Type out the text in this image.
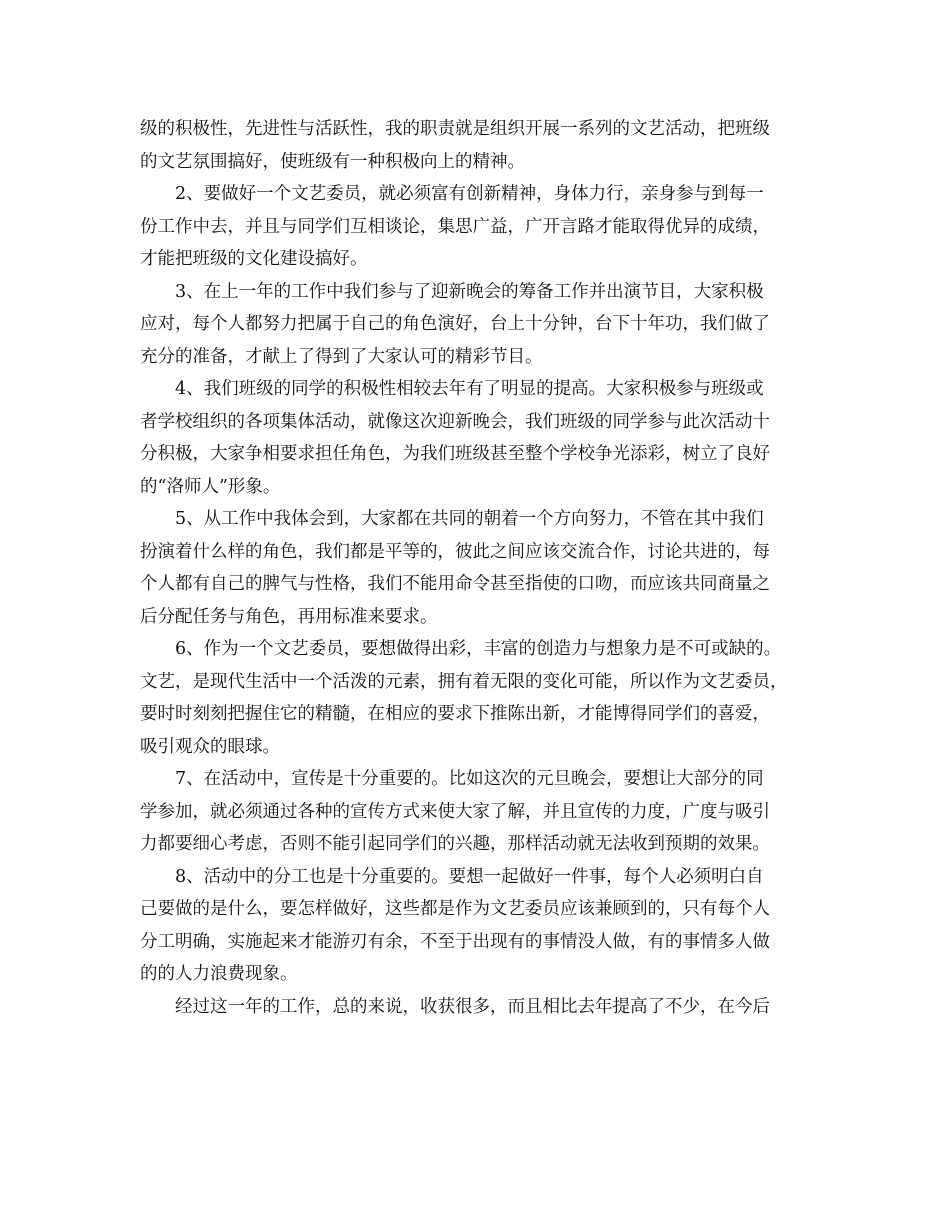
级的积极性，先进性与活跃性，我的职责就是组织开展一系列的文艺活动，把班级
的文艺氛围搞好，使班级有一种积极向上的精神。

2、要做好一个文艺委员，就必须富有创新精神，身体力行，亲身参与到每一
份工作中去，并且与同学们互相谈论，集思广益，广开言路才能取得优异的成绩，
才能把班级的文化建设搞好。

3、在上一年的工作中我们参与了迎新晚会的筹备工作并出演节目，大家积极
应对，每个人都努力把属于自己的角色演好，台上十分钟，台下十年功，我们做了
充分的准备，才献上了得到了大家认可的精彩节目。

4、我们班级的同学的积极性相较去年有了明显的提高。大家积极参与班级或
者学校组织的各项集体活动，就像这次迎新晚会，我们班级的同学参与此次活动十
分积极，大家争相要求担任角色，为我们班级甚至整个学校争光添彩，树立了良好
的“洛师人”形象。

5、从工作中我体会到，大家都在共同的朝着一个方向努力，不管在其中我们
扮演着什么样的角色，我们都是平等的，彼此之间应该交流合作，讨论共进的，每
个人都有自己的脾气与性格，我们不能用命令甚至指使的口吻，而应该共同商量之
后分配任务与角色，再用标准来要求。

6、作为一个文艺委员，要想做得出彩，丰富的创造力与想象力是不可或缺的。
文艺，是现代生活中一个活泼的元素，拥有着无限的变化可能，所以作为文艺委员，
要时时刻刻把握住它的精髓，在相应的要求下推陈出新，才能博得同学们的喜爱，
吸引观众的眼球。

7、在活动中，宣传是十分重要的。比如这次的元旦晚会，要想让大部分的同
学参加，就必须通过各种的宣传方式来使大家了解，并且宣传的力度，广度与吸引
力都要细心考虑，否则不能引起同学们的兴趣，那样活动就无法收到预期的效果。

8、活动中的分工也是十分重要的。要想一起做好一件事，每个人必须明白自
己要做的是什么，要怎样做好，这些都是作为文艺委员应该兼顾到的，只有每个人
分工明确，实施起来才能游刃有余，不至于出现有的事情没人做，有的事情多人做
的的人力浪费现象。

经过这一年的工作，总的来说，收获很多，而且相比去年提高了不少，在今后
